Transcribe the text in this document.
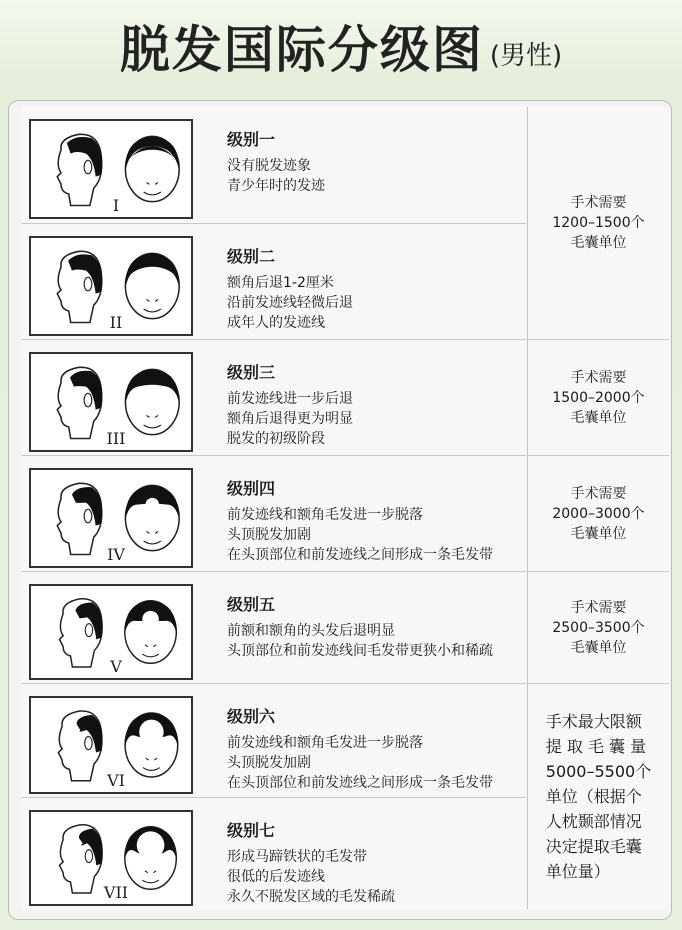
脱发国际分级图 (男性)
I
级别一
没有脱发迹象
青少年时的发迹
II
级别二
额角后退1-2厘米
沿前发迹线轻微后退
成年人的发迹线
III
级别三
前发迹线进一步后退
额角后退得更为明显
脱发的初级阶段
IV
级别四
前发迹线和额角毛发进一步脱落
头顶脱发加剧
在头顶部位和前发迹线之间形成一条毛发带
V
级别五
前额和额角的头发后退明显
头顶部位和前发迹线间毛发带更狭小和稀疏
VI
级别六
前发迹线和额角毛发进一步脱落
头顶脱发加剧
在头顶部位和前发迹线之间形成一条毛发带
VII
级别七
形成马蹄铁状的毛发带
很低的后发迹线
永久不脱发区域的毛发稀疏
手术需要
1200–1500个
毛囊单位
手术需要
1500–2000个
毛囊单位
手术需要
2000–3000个
毛囊单位
手术需要
2500–3500个
毛囊单位
手术最大限额
提 取 毛 囊 量
5000–5500个
单位（根据个
人枕颞部情况
决定提取毛囊
单位量）
